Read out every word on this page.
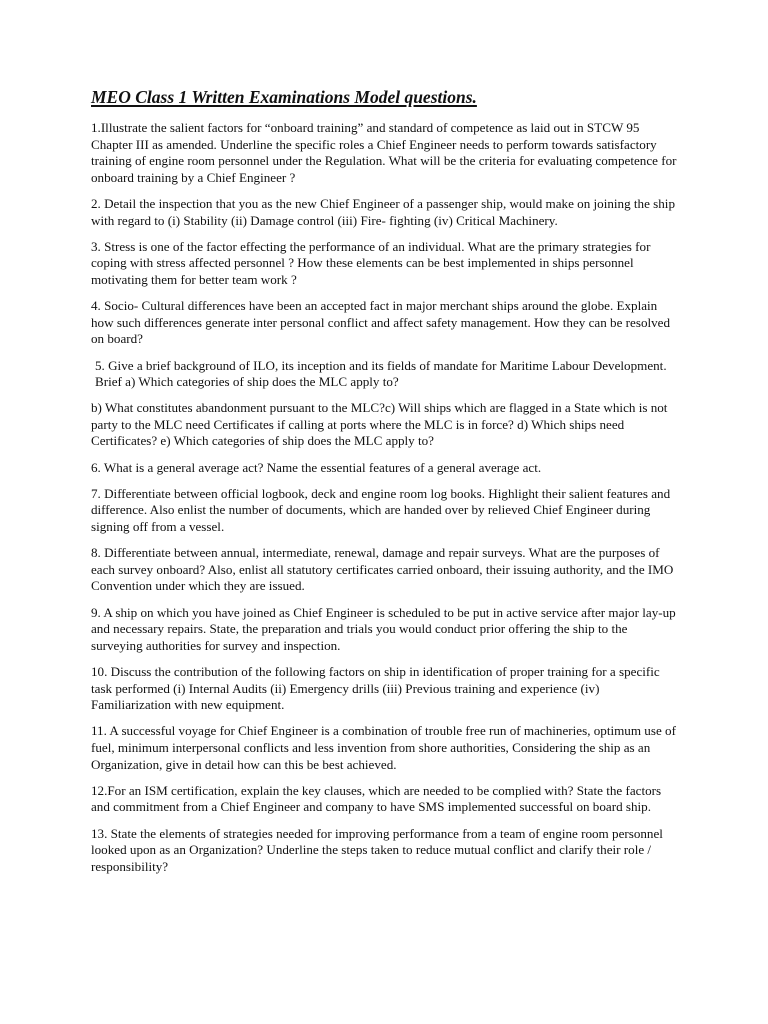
MEO Class 1 Written Examinations Model questions.

1.Illustrate the salient factors for “onboard training” and standard of competence as laid out in STCW 95 Chapter III as amended. Underline the specific roles a Chief Engineer needs to perform towards satisfactory training of engine room personnel under the Regulation. What will be the criteria for evaluating competence for onboard training by a Chief Engineer ?

2. Detail the inspection that you as the new Chief Engineer of a passenger ship, would make on joining the ship with regard to (i) Stability (ii) Damage control (iii) Fire- fighting (iv) Critical Machinery.

3. Stress is one of the factor effecting the performance of an individual. What are the primary strategies for coping with stress affected personnel ? How these elements can be best implemented in ships personnel motivating them for better team work ?

4. Socio- Cultural differences have been an accepted fact in major merchant ships around the globe. Explain how such differences generate inter personal conflict and affect safety management. How they can be resolved on board?

5. Give a brief background of ILO, its inception and its fields of mandate for Maritime Labour Development. Brief a) Which categories of ship does the MLC apply to?

b) What constitutes abandonment pursuant to the MLC?c) Will ships which are flagged in a State which is not party to the MLC need Certificates if calling at ports where the MLC is in force? d) Which ships need Certificates? e) Which categories of ship does the MLC apply to?

6. What is a general average act? Name the essential features of a general average act.

7. Differentiate between official logbook, deck and engine room log books. Highlight their salient features and difference. Also enlist the number of documents, which are handed over by relieved Chief Engineer during signing off from a vessel.

8. Differentiate between annual, intermediate, renewal, damage and repair surveys. What are the purposes of each survey onboard? Also, enlist all statutory certificates carried onboard, their issuing authority, and the IMO Convention under which they are issued.

9. A ship on which you have joined as Chief Engineer is scheduled to be put in active service after major lay-up and necessary repairs. State, the preparation and trials you would conduct prior offering the ship to the surveying authorities for survey and inspection.

10. Discuss the contribution of the following factors on ship in identification of proper training for a specific task performed (i) Internal Audits (ii) Emergency drills (iii) Previous training and experience (iv) Familiarization with new equipment.

11. A successful voyage for Chief Engineer is a combination of trouble free run of machineries, optimum use of fuel, minimum interpersonal conflicts and less invention from shore authorities, Considering the ship as an Organization, give in detail how can this be best achieved.

12.For an ISM certification, explain the key clauses, which are needed to be complied with? State the factors and commitment from a Chief Engineer and company to have SMS implemented successful on board ship.

13. State the elements of strategies needed for improving performance from a team of engine room personnel looked upon as an Organization? Underline the steps taken to reduce mutual conflict and clarify their role / responsibility?
